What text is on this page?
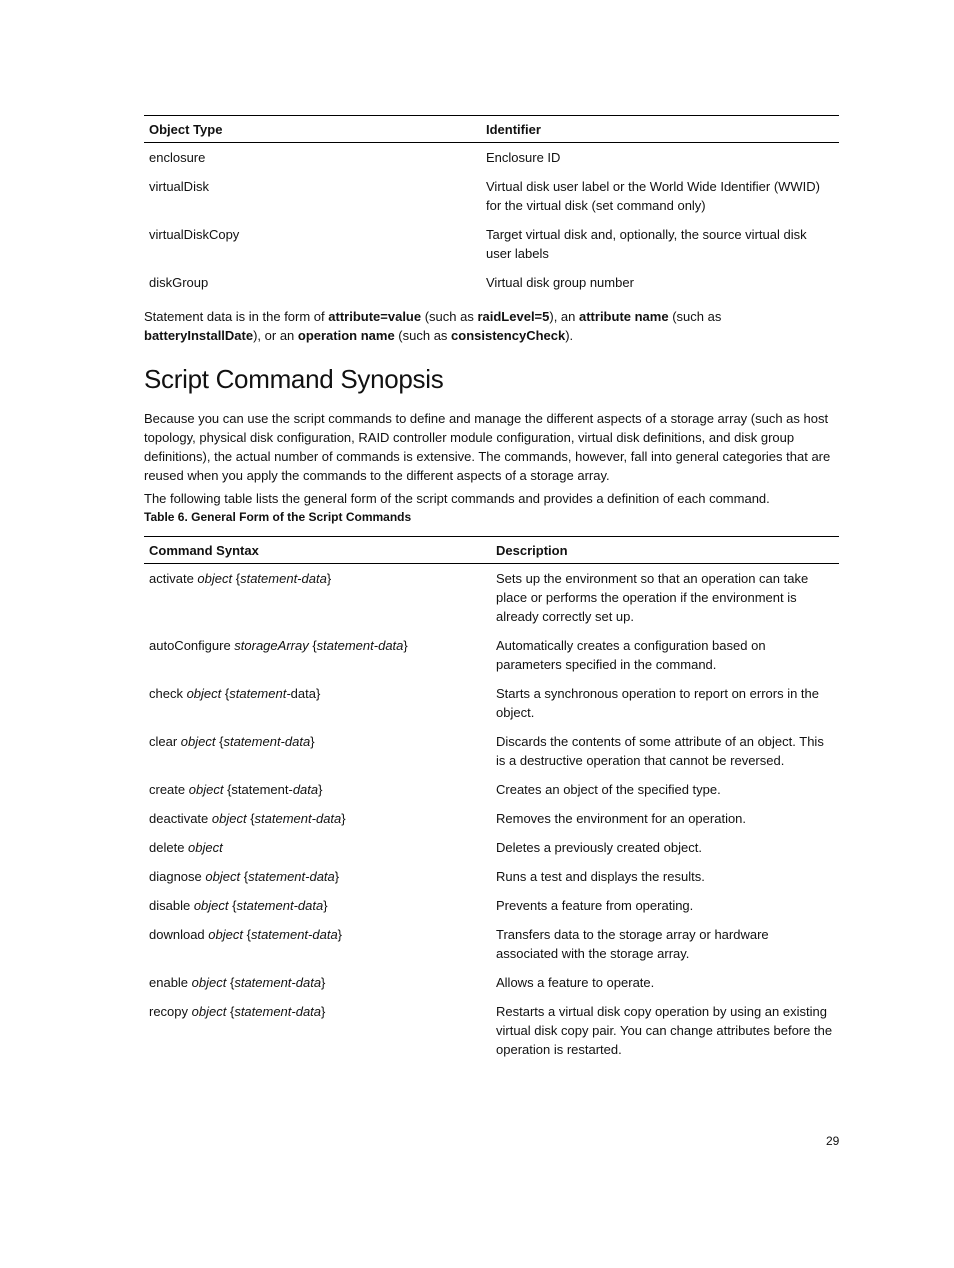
Object Type	Identifier
enclosure	Enclosure ID
virtualDisk	Virtual disk user label or the World Wide Identifier (WWID) for the virtual disk (set command only)
virtualDiskCopy	Target virtual disk and, optionally, the source virtual disk user labels
diskGroup	Virtual disk group number

Statement data is in the form of attribute=value (such as raidLevel=5), an attribute name (such as batteryInstallDate), or an operation name (such as consistencyCheck).

Script Command Synopsis

Because you can use the script commands to define and manage the different aspects of a storage array (such as host topology, physical disk configuration, RAID controller module configuration, virtual disk definitions, and disk group definitions), the actual number of commands is extensive. The commands, however, fall into general categories that are reused when you apply the commands to the different aspects of a storage array.

The following table lists the general form of the script commands and provides a definition of each command.

Table 6. General Form of the Script Commands
Command Syntax	Description
activate object {statement-data}	Sets up the environment so that an operation can take place or performs the operation if the environment is already correctly set up.
autoConfigure storageArray {statement-data}	Automatically creates a configuration based on parameters specified in the command.
check object {statement-data}	Starts a synchronous operation to report on errors in the object.
clear object {statement-data}	Discards the contents of some attribute of an object. This is a destructive operation that cannot be reversed.
create object {statement-data}	Creates an object of the specified type.
deactivate object {statement-data}	Removes the environment for an operation.
delete object	Deletes a previously created object.
diagnose object {statement-data}	Runs a test and displays the results.
disable object {statement-data}	Prevents a feature from operating.
download object {statement-data}	Transfers data to the storage array or hardware associated with the storage array.
enable object {statement-data}	Allows a feature to operate.
recopy object {statement-data}	Restarts a virtual disk copy operation by using an existing virtual disk copy pair. You can change attributes before the operation is restarted.
29
